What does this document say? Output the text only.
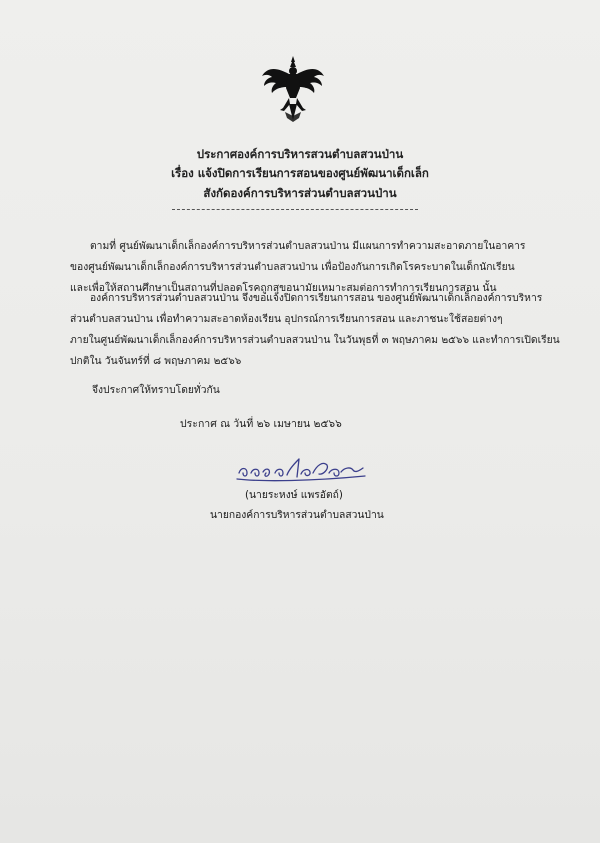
ประกาศองค์การบริหารสวนตำบลสวนป่าน
เรื่อง แจ้งปิดการเรียนการสอนของศูนย์พัฒนาเด็กเล็ก
สังกัดองค์การบริหารส่วนตำบลสวนป่าน
ตามที่ ศูนย์พัฒนาเด็กเล็กองค์การบริหารส่วนตำบลสวนป่าน มีแผนการทำความสะอาดภายในอาคาร
ของศูนย์พัฒนาเด็กเล็กองค์การบริหารส่วนตำบลสวนป่าน เพื่อป้องกันการเกิดโรคระบาดในเด็กนักเรียน
และเพื่อให้สถานศึกษาเป็นสถานที่ปลอดโรคถูกสุขอนามัยเหมาะสมต่อการทำการเรียนการสอน นั้น
องค์การบริหารส่วนตำบลสวนป่าน จึงขอแจ้งปิดการเรียนการสอน ของศูนย์พัฒนาเด็กเล็กองค์การบริหาร
ส่วนตำบลสวนป่าน เพื่อทำความสะอาดห้องเรียน อุปกรณ์การเรียนการสอน และภาชนะใช้สอยต่างๆ
ภายในศูนย์พัฒนาเด็กเล็กองค์การบริหารส่วนตำบลสวนป่าน ในวันพุธที่ ๓ พฤษภาคม ๒๕๖๖ และทำการเปิดเรียน
ปกติใน วันจันทร์ที่ ๘ พฤษภาคม ๒๕๖๖
จึงประกาศให้ทราบโดยทั่วกัน
ประกาศ ณ วันที่ ๒๖ เมษายน ๒๕๖๖
(นายระหงษ์ แพรอัตถ์)
นายกองค์การบริหารส่วนตำบลสวนป่าน
